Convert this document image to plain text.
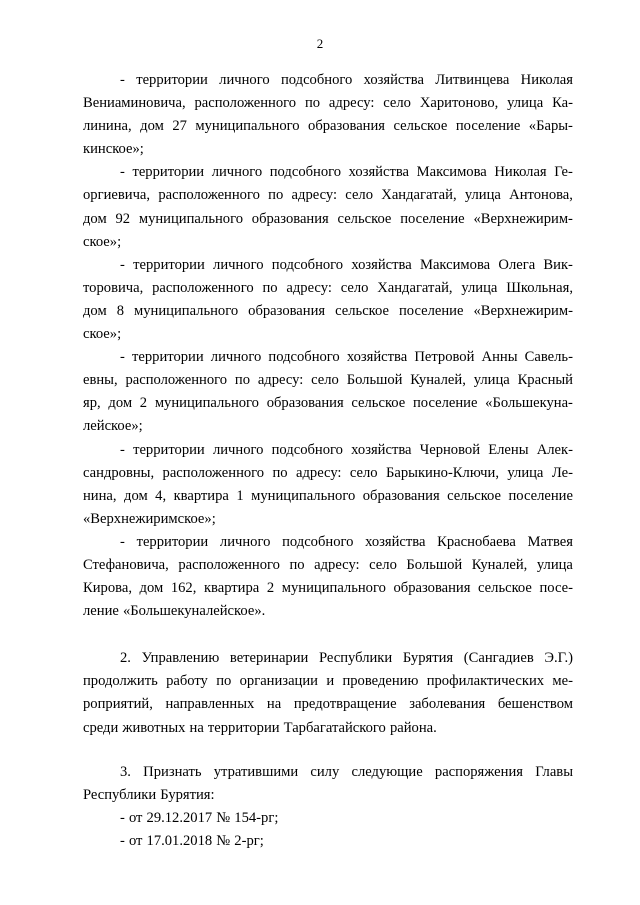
2
- территории личного подсобного хозяйства Литвинцева Николая
Вениаминовича, расположенного по адресу: село Харитоново, улица Ка-
линина, дом 27 муниципального образования сельское поселение «Бары-
кинское»;
- территории личного подсобного хозяйства Максимова Николая Ге-
оргиевича, расположенного по адресу: село Хандагатай, улица Антонова,
дом 92 муниципального образования сельское поселение «Верхнежирим-
ское»;
- территории личного подсобного хозяйства Максимова Олега Вик-
торовича, расположенного по адресу: село Хандагатай, улица Школьная,
дом 8 муниципального образования сельское поселение «Верхнежирим-
ское»;
- территории личного подсобного хозяйства Петровой Анны Савель-
евны, расположенного по адресу: село Большой Куналей, улица Красный
яр, дом 2 муниципального образования сельское поселение «Большекуна-
лейское»;
- территории личного подсобного хозяйства Черновой Елены Алек-
сандровны, расположенного по адресу: село Барыкино-Ключи, улица Ле-
нина, дом 4, квартира 1 муниципального образования сельское поселение
«Верхнежиримское»;
- территории личного подсобного хозяйства Краснобаева Матвея
Стефановича, расположенного по адресу: село Большой Куналей, улица
Кирова, дом 162, квартира 2 муниципального образования сельское посе-
ление «Большекуналейское».
2. Управлению ветеринарии Республики Бурятия (Сангадиев Э.Г.)
продолжить работу по организации и проведению профилактических ме-
роприятий, направленных на предотвращение заболевания бешенством
среди животных на территории Тарбагатайского района.
3. Признать утратившими силу следующие распоряжения Главы
Республики Бурятия:
- от 29.12.2017 № 154-рг;
- от 17.01.2018 № 2-рг;
